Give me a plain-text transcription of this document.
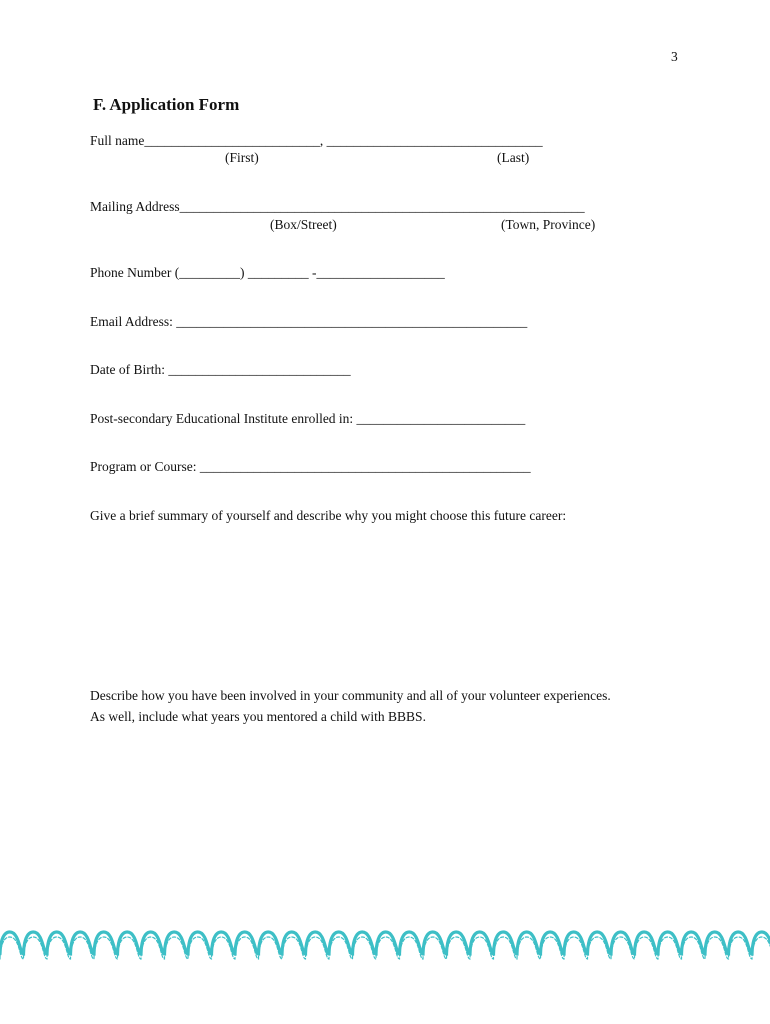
3
F. Application Form
Full name__________________________, ________________________________
(First)	(Last)
Mailing Address____________________________________________________________
(Box/Street)	(Town, Province)
Phone Number (_________) _________ -___________________
Email Address: ____________________________________________________
Date of Birth: ___________________________
Post-secondary Educational Institute enrolled in: _________________________
Program or Course: _________________________________________________
Give a brief summary of yourself and describe why you might choose this future career:
Describe how you have been involved in your community and all of your volunteer experiences.
As well, include what years you mentored a child with BBBS.
